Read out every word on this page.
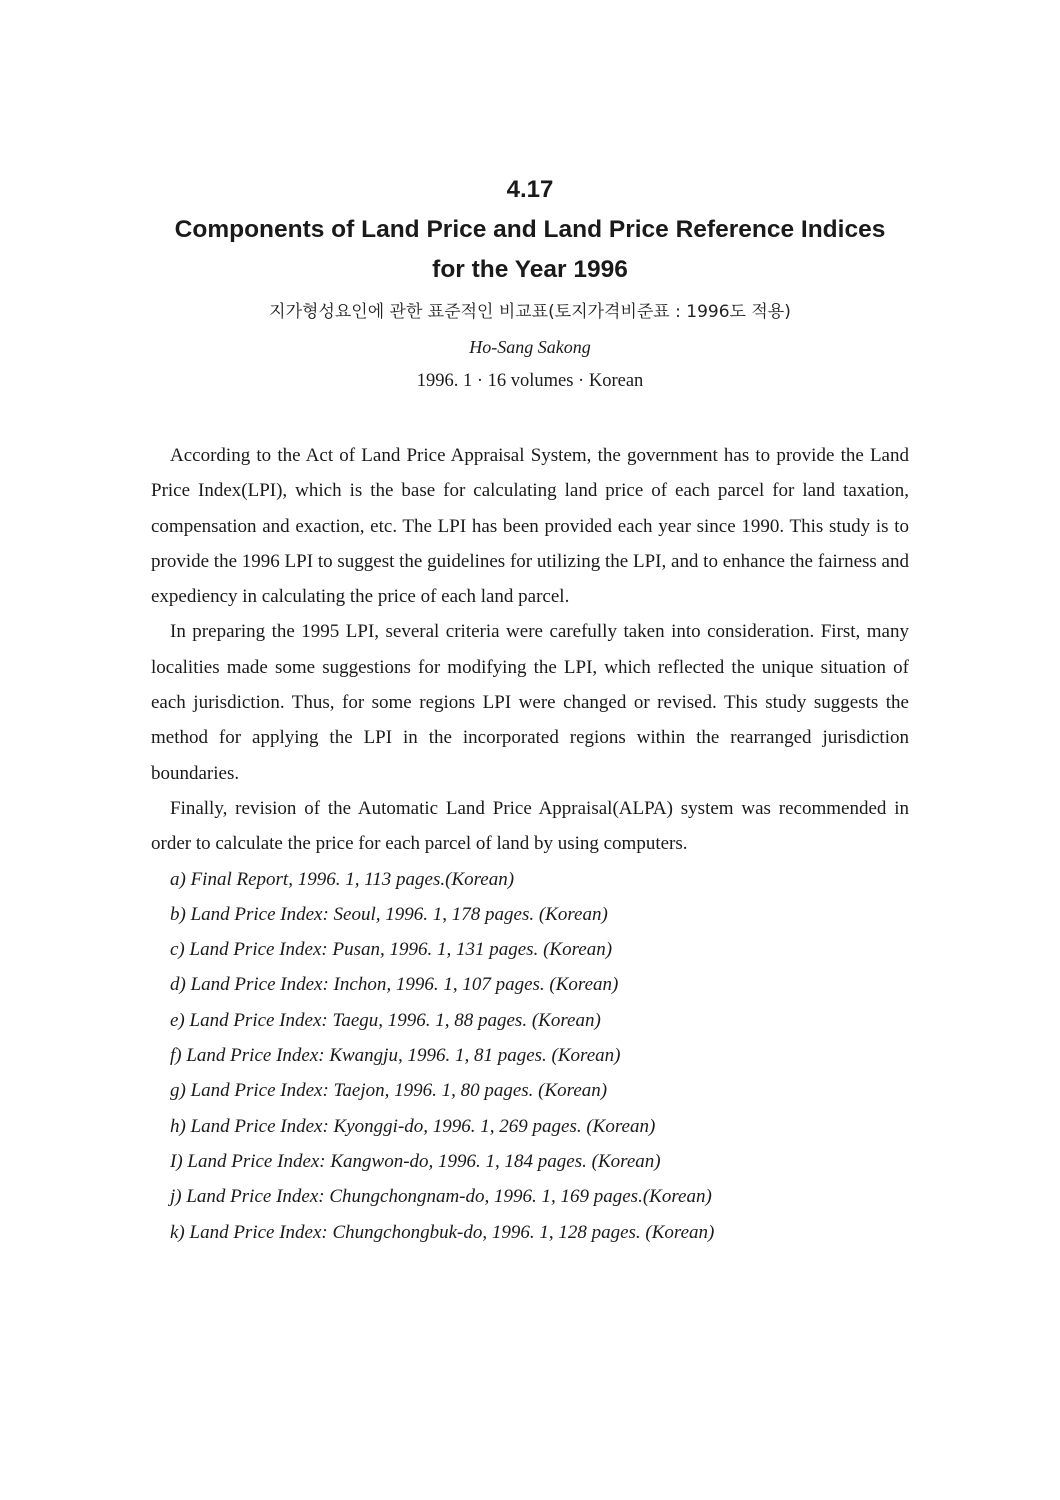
4.17
Components of Land Price and Land Price Reference Indices
for the Year 1996

지가형성요인에 관한 표준적인 비교표(토지가격비준표 : 1996도 적용)

Ho-Sang Sakong

1996. 1 · 16 volumes · Korean

According to the Act of Land Price Appraisal System, the government has to provide the Land Price Index(LPI), which is the base for calculating land price of each parcel for land taxation, compensation and exaction, etc. The LPI has been provided each year since 1990. This study is to provide the 1996 LPI to suggest the guidelines for utilizing the LPI, and to enhance the fairness and expediency in calculating the price of each land parcel.

In preparing the 1995 LPI, several criteria were carefully taken into consideration. First, many localities made some suggestions for modifying the LPI, which reflected the unique situation of each jurisdiction. Thus, for some regions LPI were changed or revised. This study suggests the method for applying the LPI in the incorporated regions within the rearranged jurisdiction boundaries.

Finally, revision of the Automatic Land Price Appraisal(ALPA) system was recommended in order to calculate the price for each parcel of land by using computers.

a) Final Report, 1996. 1, 113 pages.(Korean)
b) Land Price Index: Seoul, 1996. 1, 178 pages. (Korean)
c) Land Price Index: Pusan, 1996. 1, 131 pages. (Korean)
d) Land Price Index: Inchon, 1996. 1, 107 pages. (Korean)
e) Land Price Index: Taegu, 1996. 1, 88 pages. (Korean)
f) Land Price Index: Kwangju, 1996. 1, 81 pages. (Korean)
g) Land Price Index: Taejon, 1996. 1, 80 pages. (Korean)
h) Land Price Index: Kyonggi-do, 1996. 1, 269 pages. (Korean)
I) Land Price Index: Kangwon-do, 1996. 1, 184 pages. (Korean)
j) Land Price Index: Chungchongnam-do, 1996. 1, 169 pages.(Korean)
k) Land Price Index: Chungchongbuk-do, 1996. 1, 128 pages. (Korean)
